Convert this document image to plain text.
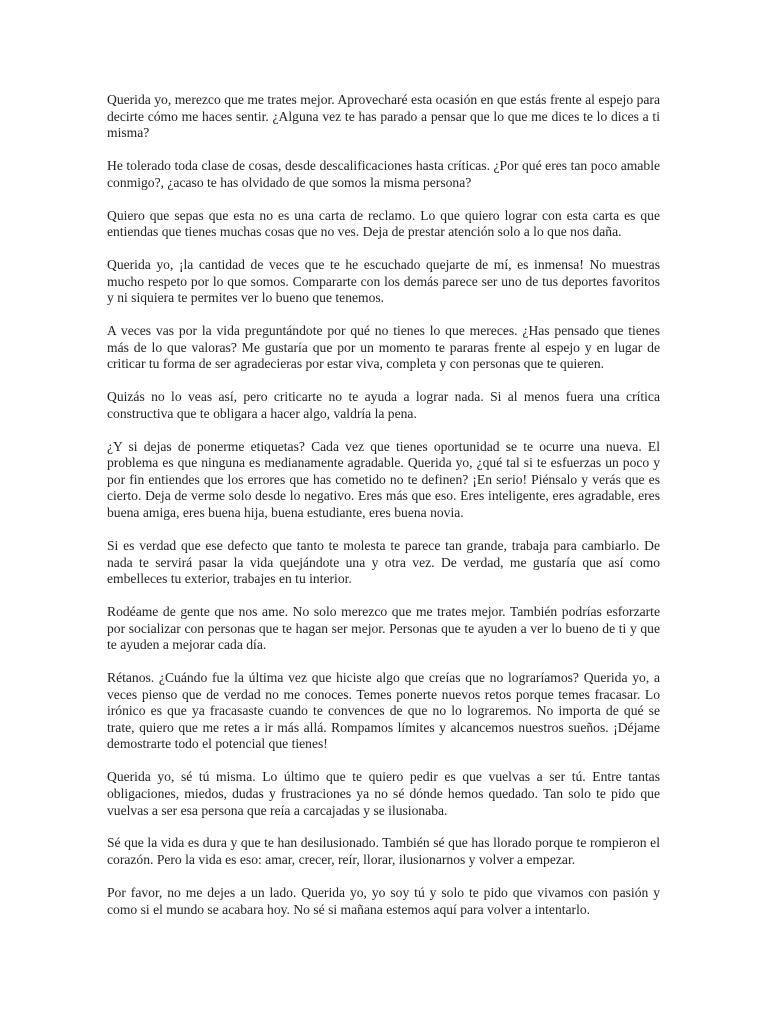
Querida yo, merezco que me trates mejor. Aprovecharé esta ocasión en que estás frente al espejo para decirte cómo me haces sentir. ¿Alguna vez te has parado a pensar que lo que me dices te lo dices a ti misma?

He tolerado toda clase de cosas, desde descalificaciones hasta críticas. ¿Por qué eres tan poco amable conmigo?, ¿acaso te has olvidado de que somos la misma persona?

Quiero que sepas que esta no es una carta de reclamo. Lo que quiero lograr con esta carta es que entiendas que tienes muchas cosas que no ves. Deja de prestar atención solo a lo que nos daña.

Querida yo, ¡la cantidad de veces que te he escuchado quejarte de mí, es inmensa! No muestras mucho respeto por lo que somos. Compararte con los demás parece ser uno de tus deportes favoritos y ni siquiera te permites ver lo bueno que tenemos.

A veces vas por la vida preguntándote por qué no tienes lo que mereces. ¿Has pensado que tienes más de lo que valoras? Me gustaría que por un momento te pararas frente al espejo y en lugar de criticar tu forma de ser agradecieras por estar viva, completa y con personas que te quieren.

Quizás no lo veas así, pero criticarte no te ayuda a lograr nada. Si al menos fuera una crítica constructiva que te obligara a hacer algo, valdría la pena.

¿Y si dejas de ponerme etiquetas? Cada vez que tienes oportunidad se te ocurre una nueva. El problema es que ninguna es medianamente agradable. Querida yo, ¿qué tal si te esfuerzas un poco y por fin entiendes que los errores que has cometido no te definen? ¡En serio! Piénsalo y verás que es cierto. Deja de verme solo desde lo negativo. Eres más que eso. Eres inteligente, eres agradable, eres buena amiga, eres buena hija, buena estudiante, eres buena novia.

Si es verdad que ese defecto que tanto te molesta te parece tan grande, trabaja para cambiarlo. De nada te servirá pasar la vida quejándote una y otra vez. De verdad, me gustaría que así como embelleces tu exterior, trabajes en tu interior.

Rodéame de gente que nos ame. No solo merezco que me trates mejor. También podrías esforzarte por socializar con personas que te hagan ser mejor. Personas que te ayuden a ver lo bueno de ti y que te ayuden a mejorar cada día.

Rétanos. ¿Cuándo fue la última vez que hiciste algo que creías que no lograríamos? Querida yo, a veces pienso que de verdad no me conoces. Temes ponerte nuevos retos porque temes fracasar. Lo irónico es que ya fracasaste cuando te convences de que no lo lograremos. No importa de qué se trate, quiero que me retes a ir más allá. Rompamos límites y alcancemos nuestros sueños. ¡Déjame demostrarte todo el potencial que tienes!

Querida yo, sé tú misma. Lo último que te quiero pedir es que vuelvas a ser tú. Entre tantas obligaciones, miedos, dudas y frustraciones ya no sé dónde hemos quedado. Tan solo te pido que vuelvas a ser esa persona que reía a carcajadas y se ilusionaba.

Sé que la vida es dura y que te han desilusionado. También sé que has llorado porque te rompieron el corazón. Pero la vida es eso: amar, crecer, reír, llorar, ilusionarnos y volver a empezar.

Por favor, no me dejes a un lado. Querida yo, yo soy tú y solo te pido que vivamos con pasión y como si el mundo se acabara hoy. No sé si mañana estemos aquí para volver a intentarlo.
